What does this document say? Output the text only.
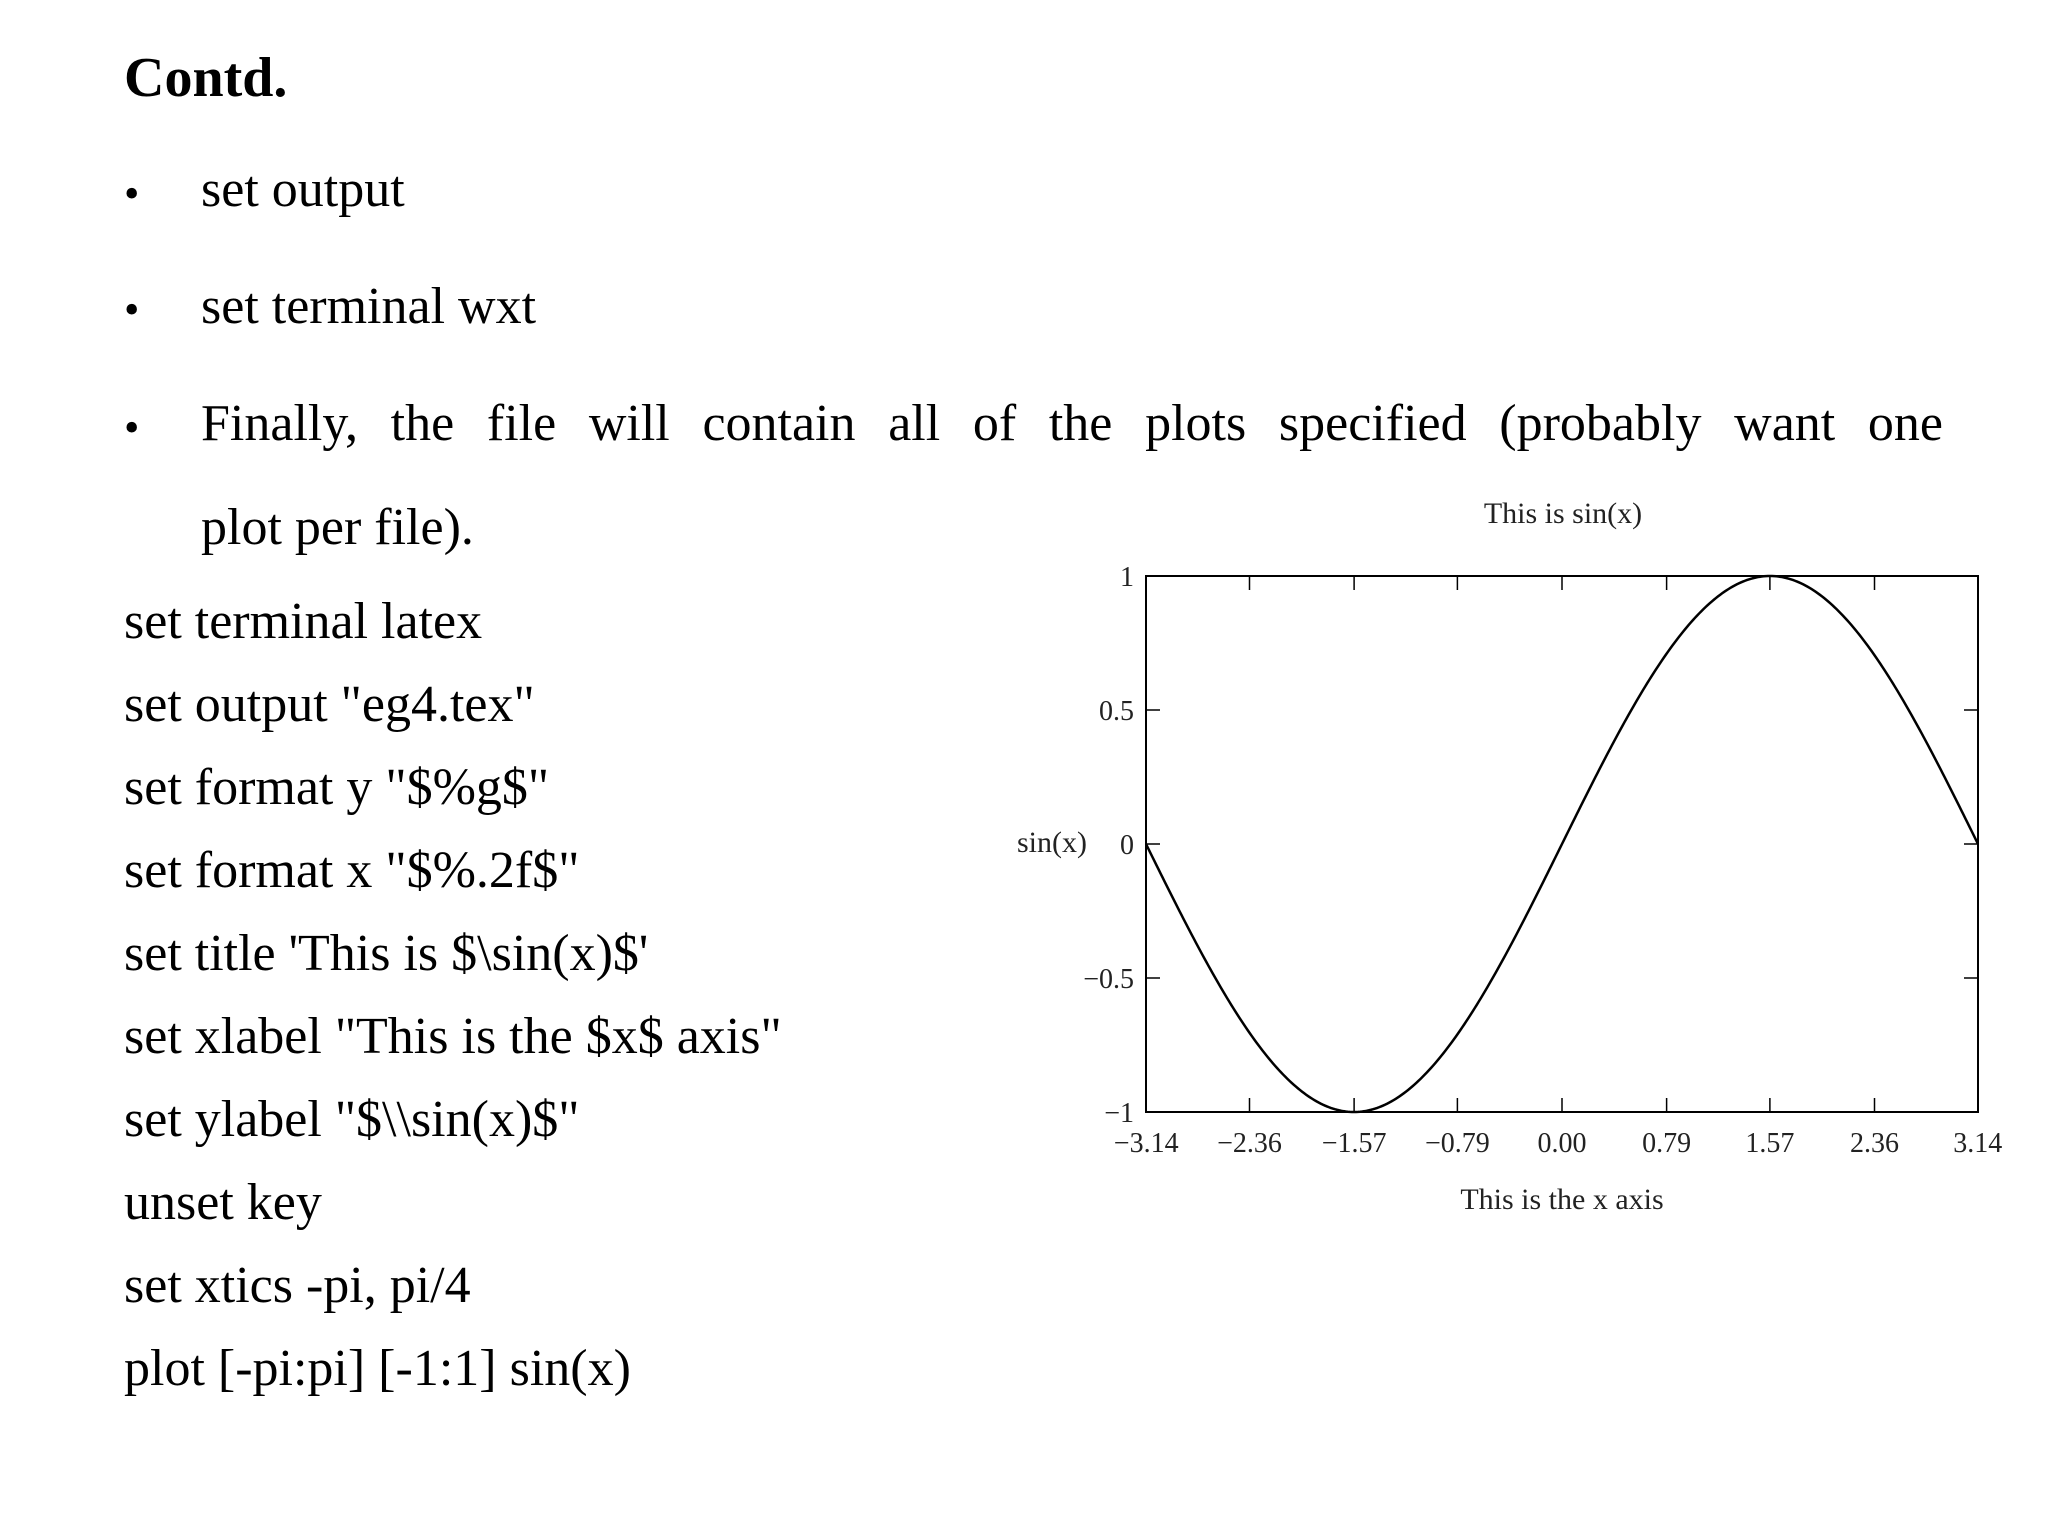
Contd.
• set output
• set terminal wxt
• Finally, the file will contain all of the plots specified (probably want one
plot per file).
set terminal latex
set output "eg4.tex"
set format y "$%g$"
set format x "$%.2f$"
set title 'This is $\sin(x)$'
set xlabel "This is the $x$ axis"
set ylabel "$\\sin(x)$"
unset key
set xtics -pi, pi/4
plot [-pi:pi] [-1:1] sin(x)
This is sin(x)
−3.14 −2.36 −1.57 −0.79 0.00 0.79 1.57 2.36 3.14
−1
−0.5
0
0.5
1
This is the x axis
sin(x)
